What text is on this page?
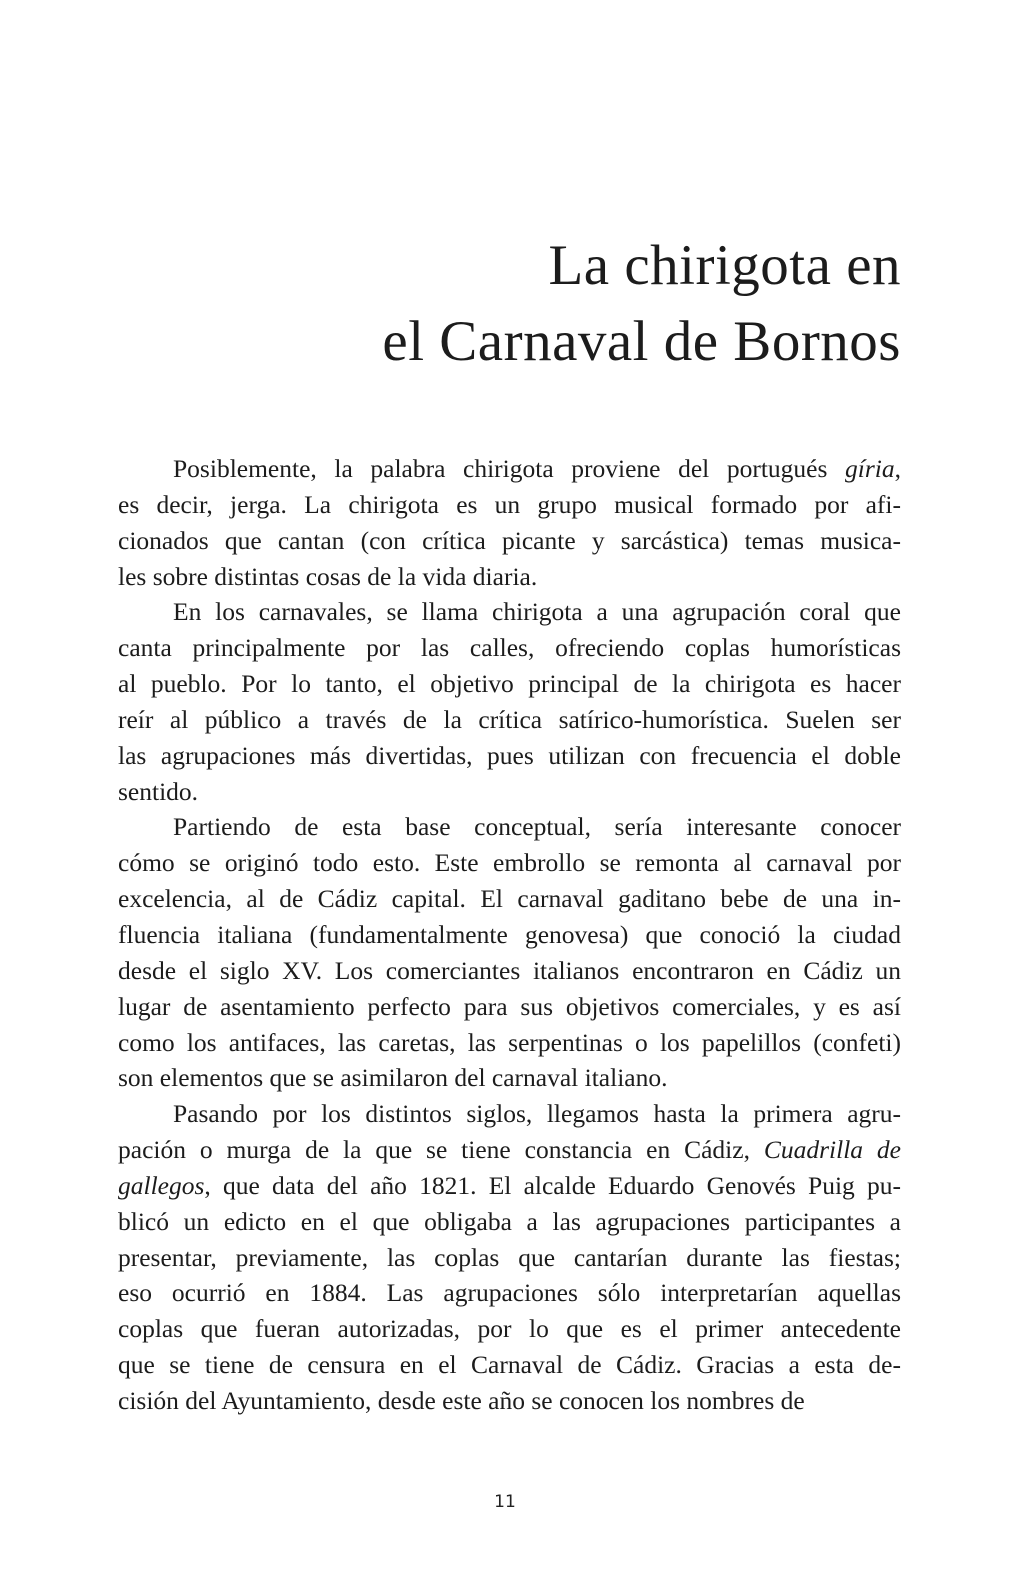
La chirigota en
el Carnaval de Bornos
Posiblemente, la palabra chirigota proviene del portugués gíria,
es decir, jerga. La chirigota es un grupo musical formado por afi-
cionados que cantan (con crítica picante y sarcástica) temas musica-
les sobre distintas cosas de la vida diaria.
En los carnavales, se llama chirigota a una agrupación coral que
canta principalmente por las calles, ofreciendo coplas humorísticas
al pueblo. Por lo tanto, el objetivo principal de la chirigota es hacer
reír al público a través de la crítica satírico-humorística. Suelen ser
las agrupaciones más divertidas, pues utilizan con frecuencia el doble
sentido.
Partiendo de esta base conceptual, sería interesante conocer
cómo se originó todo esto. Este embrollo se remonta al carnaval por
excelencia, al de Cádiz capital. El carnaval gaditano bebe de una in-
fluencia italiana (fundamentalmente genovesa) que conoció la ciudad
desde el siglo XV. Los comerciantes italianos encontraron en Cádiz un
lugar de asentamiento perfecto para sus objetivos comerciales, y es así
como los antifaces, las caretas, las serpentinas o los papelillos (confeti)
son elementos que se asimilaron del carnaval italiano.
Pasando por los distintos siglos, llegamos hasta la primera agru-
pación o murga de la que se tiene constancia en Cádiz, Cuadrilla de
gallegos, que data del año 1821. El alcalde Eduardo Genovés Puig pu-
blicó un edicto en el que obligaba a las agrupaciones participantes a
presentar, previamente, las coplas que cantarían durante las fiestas;
eso ocurrió en 1884. Las agrupaciones sólo interpretarían aquellas
coplas que fueran autorizadas, por lo que es el primer antecedente
que se tiene de censura en el Carnaval de Cádiz. Gracias a esta de-
cisión del Ayuntamiento, desde este año se conocen los nombres de
11
